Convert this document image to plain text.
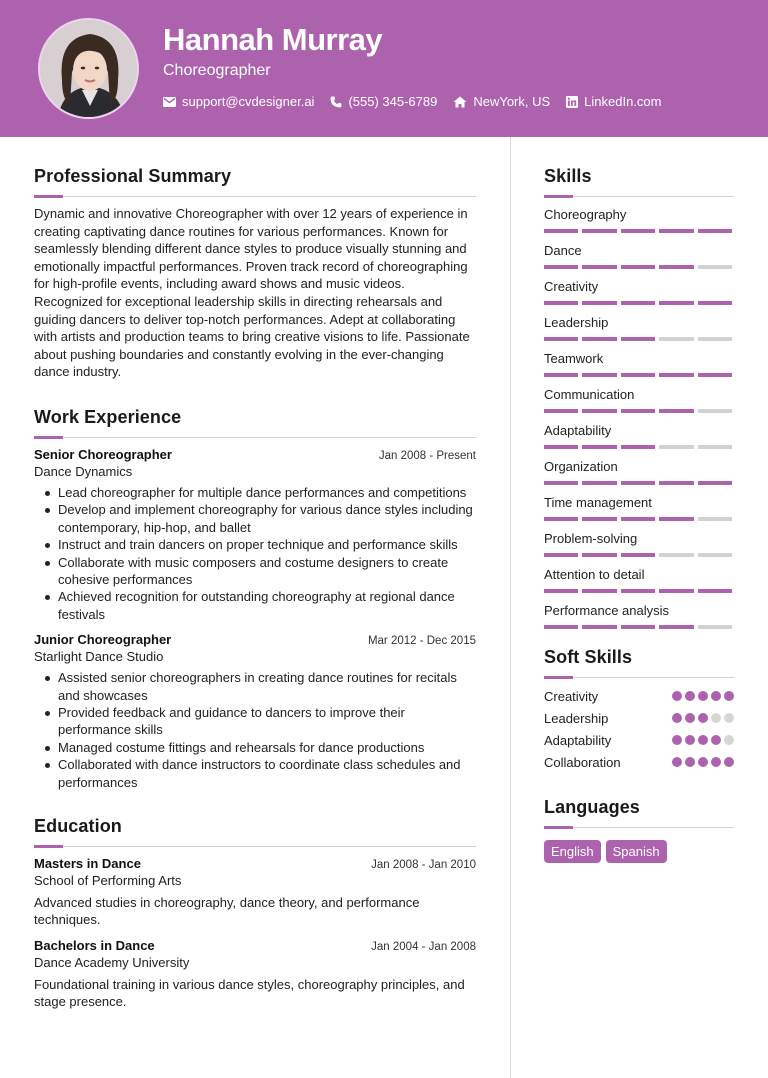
Hannah Murray
Choreographer
support@cvdesigner.ai	(555) 345-6789	NewYork, US	LinkedIn.com
Professional Summary

Dynamic and innovative Choreographer with over 12 years of experience in creating captivating dance routines for various performances. Known for seamlessly blending different dance styles to produce visually stunning and emotionally impactful performances. Proven track record of choreographing for high-profile events, including award shows and music videos. Recognized for exceptional leadership skills in directing rehearsals and guiding dancers to deliver top-notch performances. Adept at collaborating with artists and production teams to bring creative visions to life. Passionate about pushing boundaries and constantly evolving in the ever-changing dance industry.

Work Experience
Senior Choreographer	Jan 2008 - Present
Dance Dynamics
Lead choreographer for multiple dance performances and competitions
Develop and implement choreography for various dance styles including contemporary, hip-hop, and ballet
Instruct and train dancers on proper technique and performance skills
Collaborate with music composers and costume designers to create cohesive performances
Achieved recognition for outstanding choreography at regional dance festivals
Junior Choreographer	Mar 2012 - Dec 2015
Starlight Dance Studio
Assisted senior choreographers in creating dance routines for recitals and showcases
Provided feedback and guidance to dancers to improve their performance skills
Managed costume fittings and rehearsals for dance productions
Collaborated with dance instructors to coordinate class schedules and performances
Education
Masters in Dance	Jan 2008 - Jan 2010
School of Performing Arts

Advanced studies in choreography, dance theory, and performance techniques.

Bachelors in Dance	Jan 2004 - Jan 2008
Dance Academy University

Foundational training in various dance styles, choreography principles, and stage presence.

Skills
Choreography
Dance
Creativity
Leadership
Teamwork
Communication
Adaptability
Organization
Time management
Problem-solving
Attention to detail
Performance analysis
Soft Skills
Creativity
Leadership
Adaptability
Collaboration
Languages
English	Spanish
